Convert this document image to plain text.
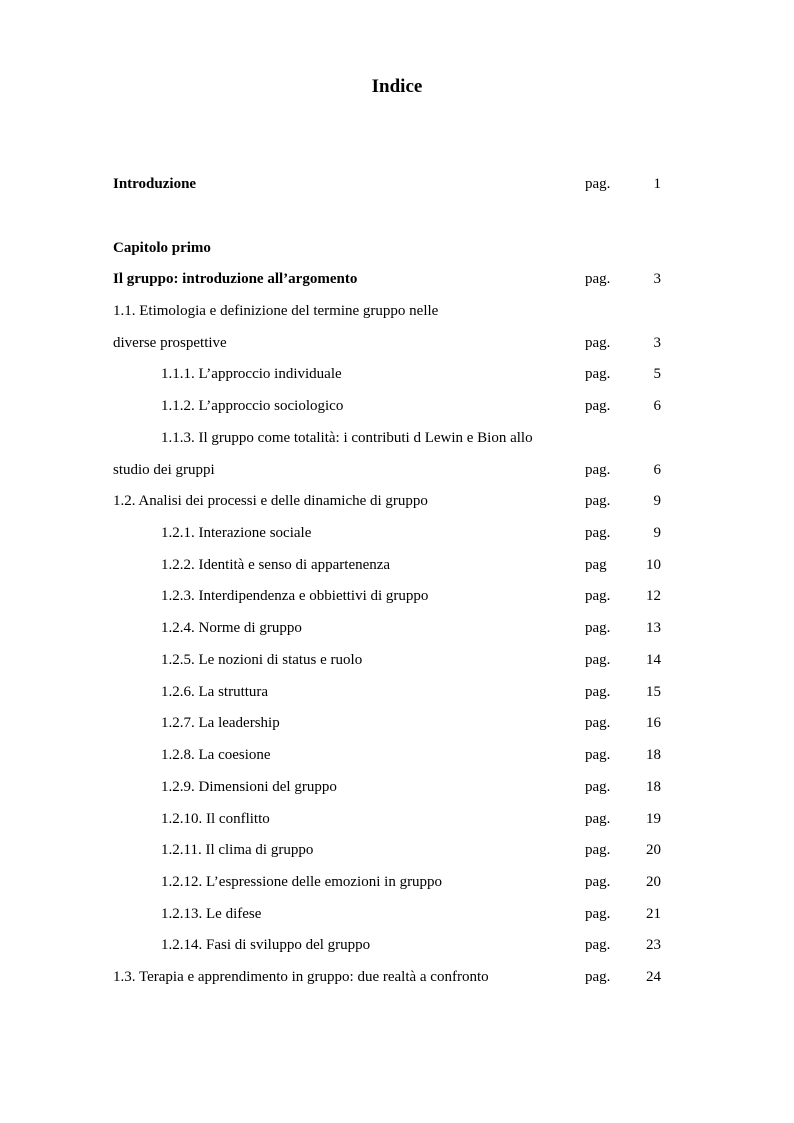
Indice
Introduzione	pag.	1
Capitolo primo
Il gruppo: introduzione all’argomento	pag.	3
1.1. Etimologia e definizione del termine gruppo nelle
diverse prospettive	pag.	3
1.1.1. L’approccio individuale	pag.	5
1.1.2. L’approccio sociologico	pag.	6
1.1.3. Il gruppo come totalità: i contributi d Lewin e Bion allo
studio dei gruppi	pag.	6
1.2. Analisi dei processi e delle dinamiche di gruppo	pag.	9
1.2.1. Interazione sociale	pag.	9
1.2.2. Identità e senso di appartenenza	pag	10
1.2.3. Interdipendenza e obbiettivi di gruppo	pag.	12
1.2.4. Norme di gruppo	pag.	13
1.2.5. Le nozioni di status e ruolo	pag.	14
1.2.6. La struttura	pag.	15
1.2.7. La leadership	pag.	16
1.2.8. La coesione	pag.	18
1.2.9. Dimensioni del gruppo	pag.	18
1.2.10. Il conflitto	pag.	19
1.2.11. Il clima di gruppo	pag.	20
1.2.12. L’espressione delle emozioni in gruppo	pag.	20
1.2.13. Le difese	pag.	21
1.2.14. Fasi di sviluppo del gruppo	pag.	23
1.3. Terapia e apprendimento in gruppo: due realtà a confronto	pag.	24
